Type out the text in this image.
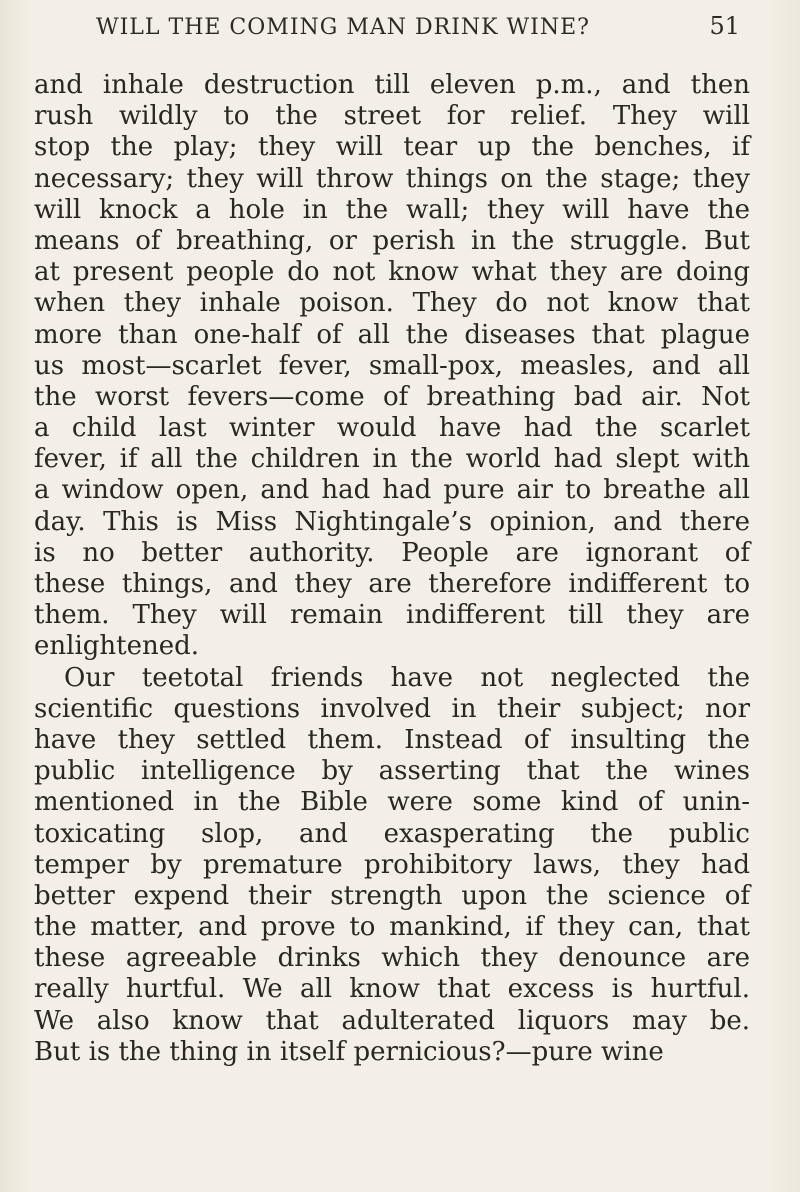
WILL THE COMING MAN DRINK WINE?	51
and inhale destruction till eleven p.m., and then
rush wildly to the street for relief. They will
stop the play; they will tear up the benches, if
necessary; they will throw things on the stage; they
will knock a hole in the wall; they will have the
means of breathing, or perish in the struggle. But
at present people do not know what they are doing
when they inhale poison. They do not know that
more than one-half of all the diseases that plague
us most—scarlet fever, small-pox, measles, and all
the worst fevers—come of breathing bad air. Not
a child last winter would have had the scarlet
fever, if all the children in the world had slept with
a window open, and had had pure air to breathe all
day. This is Miss Nightingale’s opinion, and there
is no better authority. People are ignorant of
these things, and they are therefore indifferent to
them. They will remain indifferent till they are
enlightened.
Our teetotal friends have not neglected the
scientific questions involved in their subject; nor
have they settled them. Instead of insulting the
public intelligence by asserting that the wines
mentioned in the Bible were some kind of unin-
toxicating slop, and exasperating the public
temper by premature prohibitory laws, they had
better expend their strength upon the science of
the matter, and prove to mankind, if they can, that
these agreeable drinks which they denounce are
really hurtful. We all know that excess is hurtful.
We also know that adulterated liquors may be.
But is the thing in itself pernicious?—pure wine
